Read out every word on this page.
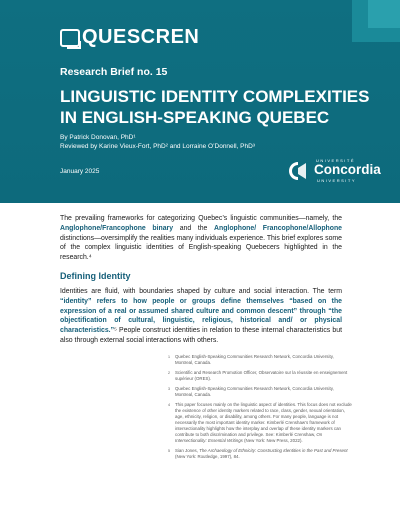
QUESCREN
Research Brief no. 15
LINGUISTIC IDENTITY COMPLEXITIES
IN ENGLISH-SPEAKING QUEBEC
By Patrick Donovan, PhD¹
Reviewed by Karine Vieux-Fort, PhD² and Lorraine O’Donnell, PhD³
January 2025
UNIVERSITÉ
Concordia
UNIVERSITY

The prevailing frameworks for categorizing Quebec’s linguistic communities—namely, the Anglophone/Francophone binary and the Anglophone/ Francophone/Allophone distinctions—oversimplify the realities many individuals experience. This brief explores some of the complex linguistic identities of English-speaking Quebecers highlighted in the research.⁴

Defining Identity

Identities are fluid, with boundaries shaped by culture and social interaction. The term “identity” refers to how people or groups define themselves “based on the expression of a real or assumed shared culture and common descent” through “the objectification of cultural, linguistic, religious, historical and/ or physical characteristics.”⁵ People construct identities in relation to these internal characteristics but also through external social interactions with others.

1 Quebec English-Speaking Communities Research Network, Concordia University, Montreal, Canada.

2 Scientific and Research Promotion Officer, Observatoire sur la réussite en enseignement supérieur (ORES).

3 Quebec English-Speaking Communities Research Network, Concordia University, Montreal, Canada.

4 This paper focuses mainly on the linguistic aspect of identities. This focus does not exclude the existence of other identity markers related to race, class, gender, sexual orientation, age, ethnicity, religion, or disability, among others. For many people, language is not necessarily the most important identity marker. Kimberlé Crenshaw’s framework of intersectionality highlights how the interplay and overlap of these identity markers can contribute to both discrimination and privilege. See: Kimberlé Crenshaw, On Intersectionality: Essential Writings (New York: New Press, 2022).

5 Sian Jones, The Archaeology of Ethnicity: Constructing Identities in the Past and Present (New York: Routledge, 1997), 84.
